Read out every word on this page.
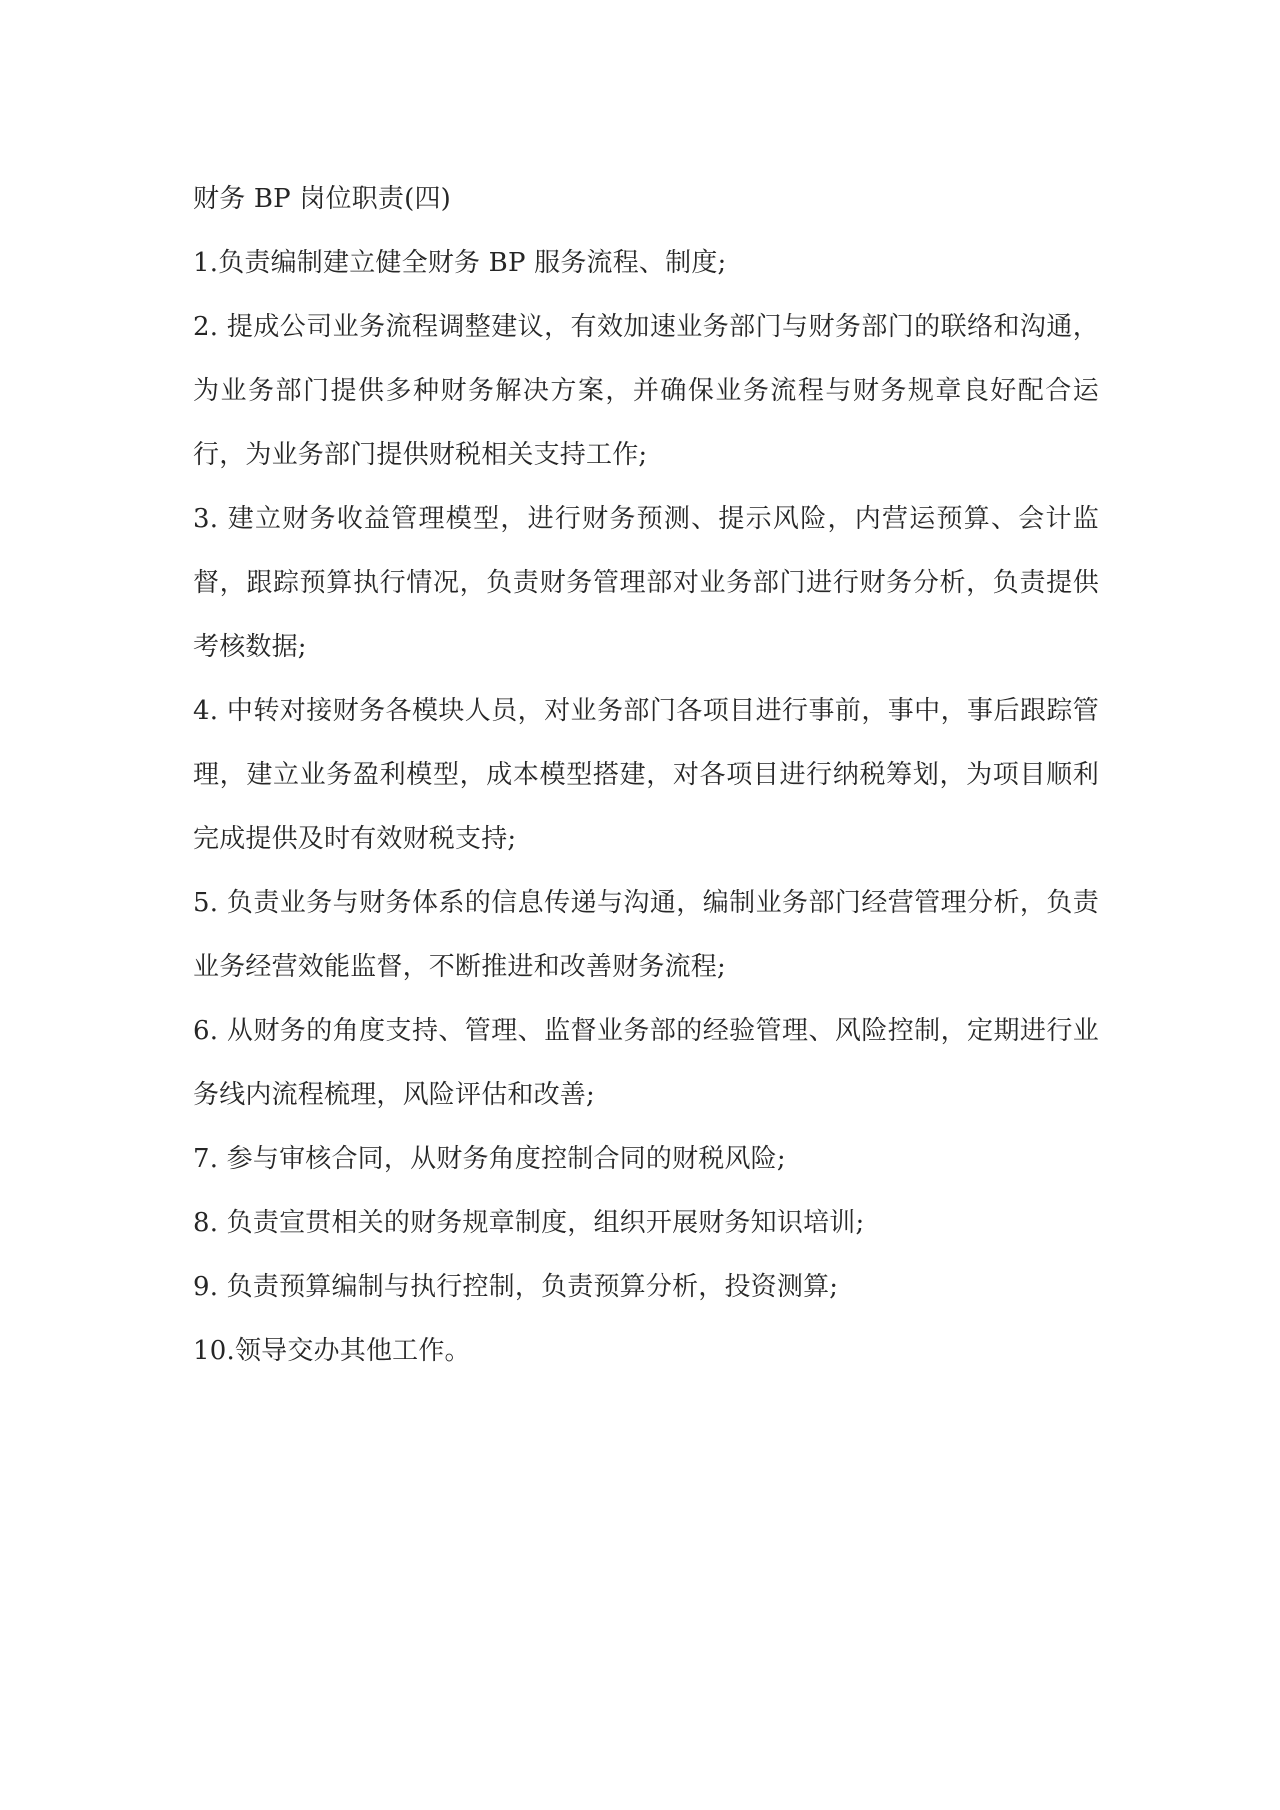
财务 BP 岗位职责(四)

1.负责编制建立健全财务 BP 服务流程、制度;

2. 提成公司业务流程调整建议，有效加速业务部门与财务部门的联络和沟通，为业务部门提供多种财务解决方案，并确保业务流程与财务规章良好配合运行，为业务部门提供财税相关支持工作;

3. 建立财务收益管理模型，进行财务预测、提示风险，内营运预算、会计监督，跟踪预算执行情况，负责财务管理部对业务部门进行财务分析，负责提供考核数据;

4. 中转对接财务各模块人员，对业务部门各项目进行事前，事中，事后跟踪管理，建立业务盈利模型，成本模型搭建，对各项目进行纳税筹划，为项目顺利完成提供及时有效财税支持;

5. 负责业务与财务体系的信息传递与沟通，编制业务部门经营管理分析，负责业务经营效能监督，不断推进和改善财务流程;

6. 从财务的角度支持、管理、监督业务部的经验管理、风险控制，定期进行业务线内流程梳理，风险评估和改善;

7. 参与审核合同，从财务角度控制合同的财税风险;

8. 负责宣贯相关的财务规章制度，组织开展财务知识培训;

9. 负责预算编制与执行控制，负责预算分析，投资测算;

10.领导交办其他工作。
